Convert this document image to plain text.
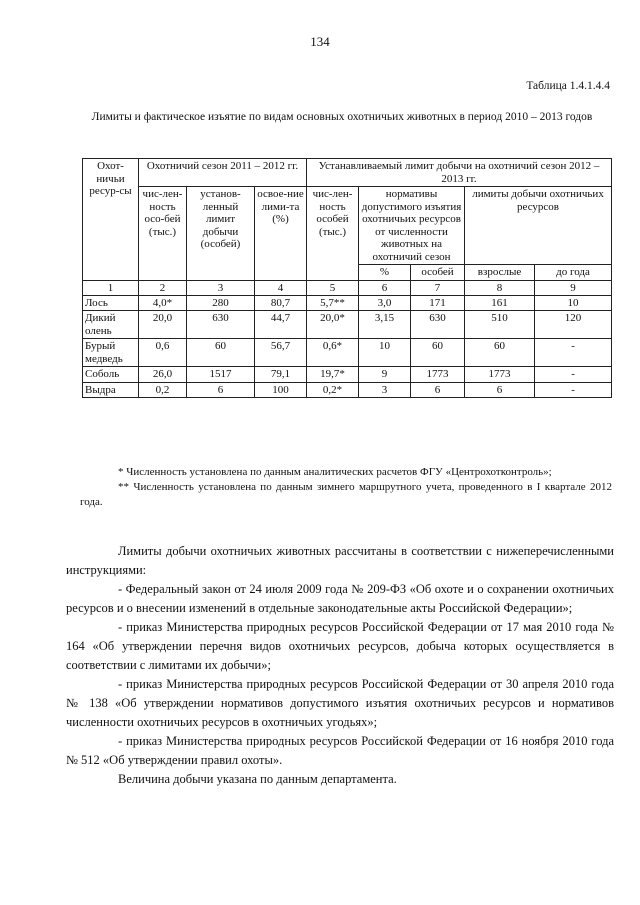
134
Таблица 1.4.1.4.4
Лимиты и фактическое изъятие по видам основных охотничьих животных в период 2010 – 2013 годов
Охот-ничьи ресур-сы	Охотничий сезон 2011 – 2012 гг.			Устанавливаемый лимит добычи на охотничий сезон 2012 – 2013 гг.				
	чис-лен-ность осо-бей (тыс.)	установ-ленный лимит добычи (особей)	освое-ние лими-та (%)	чис-лен-ность особей (тыс.)	нормативы допустимого изъятия охотничьих ресурсов от численности животных на охотничий сезон		лимиты добычи охотничьих ресурсов	
					%	особей	взрослые	до года
1	2	3	4	5	6	7	8	9
Лось	4,0*	280	80,7	5,7**	3,0	171	161	10
Дикий олень	20,0	630	44,7	20,0*	3,15	630	510	120
Бурый медведь	0,6	60	56,7	0,6*	10	60	60	-
Соболь	26,0	1517	79,1	19,7*	9	1773	1773	-
Выдра	0,2	6	100	0,2*	3	6	6	-

* Численность установлена по данным аналитических расчетов ФГУ «Центрохотконтроль»;

** Численность установлена по данным зимнего маршрутного учета, проведенного в I квартале 2012 года.

Лимиты добычи охотничьих животных рассчитаны в соответствии с нижеперечисленными инструкциями:

- Федеральный закон от 24 июля 2009 года № 209-ФЗ «Об охоте и о сохранении охотничьих ресурсов и о внесении изменений в отдельные законодательные акты Российской Федерации»;

- приказ Министерства природных ресурсов Российской Федерации от 17 мая 2010 года № 164 «Об утверждении перечня видов охотничьих ресурсов, добыча которых осуществляется в соответствии с лимитами их добычи»;

- приказ Министерства природных ресурсов Российской Федерации от 30 апреля 2010 года № 138 «Об утверждении нормативов допустимого изъятия охотничьих ресурсов и нормативов численности охотничьих ресурсов в охотничьих угодьях»;

- приказ Министерства природных ресурсов Российской Федерации от 16 ноября 2010 года № 512 «Об утверждении правил охоты».

Величина добычи указана по данным департамента.
